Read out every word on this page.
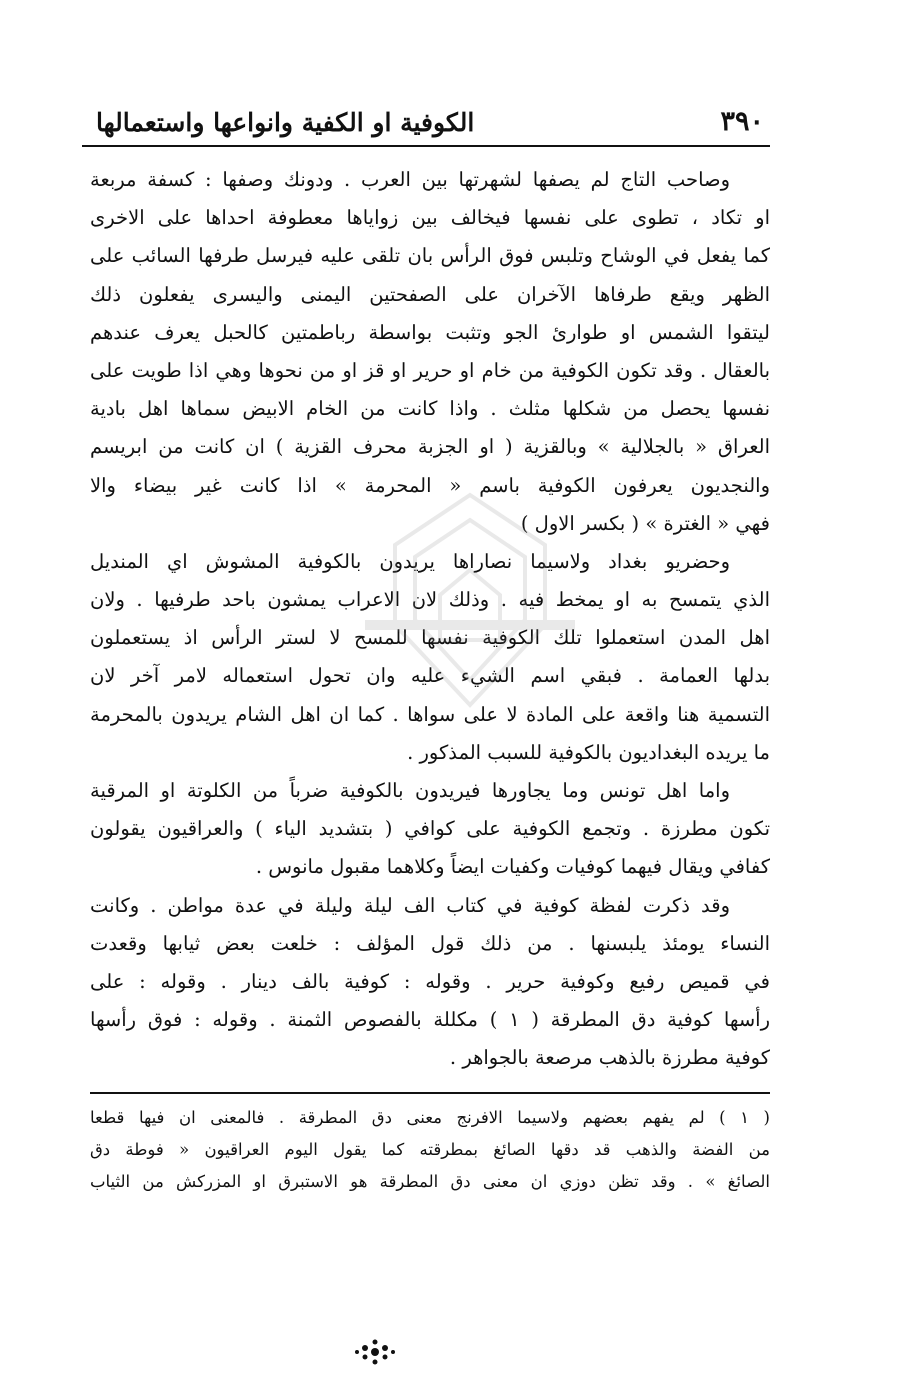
٣٩٠
الكوفية او الكفية وانواعها واستعمالها
وصاحب التاج لم يصفها لشهرتها بين العرب . ودونك وصفها : كسفة مربعة
او تكاد ، تطوى على نفسها فيخالف بين زواياها معطوفة احداها على الاخرى
كما يفعل في الوشاح وتلبس فوق الرأس بان تلقى عليه فيرسل طرفها السائب على
الظهر ويقع طرفاها الآخران على الصفحتين اليمنى واليسرى يفعلون ذلك
ليتقوا الشمس او طوارئ الجو وتثبت بواسطة رباطمتين كالحبل يعرف عندهم
بالعقال . وقد تكون الكوفية من خام او حرير او قز او من نحوها وهي اذا طويت على
نفسها يحصل من شكلها مثلث . واذا كانت من الخام الابيض سماها اهل بادية
العراق « بالجلالية » وبالقزية ( او الجزبة محرف القزية ) ان كانت من ابريسم
والنجديون يعرفون الكوفية باسم « المحرمة » اذا كانت غير بيضاء والا
فهي « الغترة » ( بكسر الاول )
وحضريو بغداد ولاسيما نصاراها يريدون بالكوفية المشوش اي المنديل
الذي يتمسح به او يمخط فيه . وذلك لان الاعراب يمشون باحد طرفيها . ولان
اهل المدن استعملوا تلك الكوفية نفسها للمسح لا لستر الرأس اذ يستعملون
بدلها العمامة . فبقي اسم الشيء عليه وان تحول استعماله لامر آخر لان
التسمية هنا واقعة على المادة لا على سواها . كما ان اهل الشام يريدون بالمحرمة
ما يريده البغداديون بالكوفية للسبب المذكور .
واما اهل تونس وما يجاورها فيريدون بالكوفية ضرباً من الكلوتة او المرقية
تكون مطرزة . وتجمع الكوفية على كوافي ( بتشديد الياء ) والعراقيون يقولون
كفافي ويقال فيهما كوفيات وكفيات ايضاً وكلاهما مقبول مانوس .
وقد ذكرت لفظة كوفية في كتاب الف ليلة وليلة في عدة مواطن . وكانت
النساء يومئذ يلبسنها . من ذلك قول المؤلف : خلعت بعض ثيابها وقعدت
في قميص رفيع وكوفية حرير . وقوله : كوفية بالف دينار . وقوله : على
رأسها كوفية دق المطرقة ( ١ ) مكللة بالفصوص الثمنة . وقوله : فوق رأسها
كوفية مطرزة بالذهب مرصعة بالجواهر .
( ١ ) لم يفهم بعضهم ولاسيما الافرنج معنى دق المطرقة . فالمعنى ان فيها قطعا
من الفضة والذهب قد دقها الصائغ بمطرقته كما يقول اليوم العراقيون « فوطة دق
الصائغ » . وقد تظن دوزي ان معنى دق المطرقة هو الاستبرق او المزركش من الثياب
